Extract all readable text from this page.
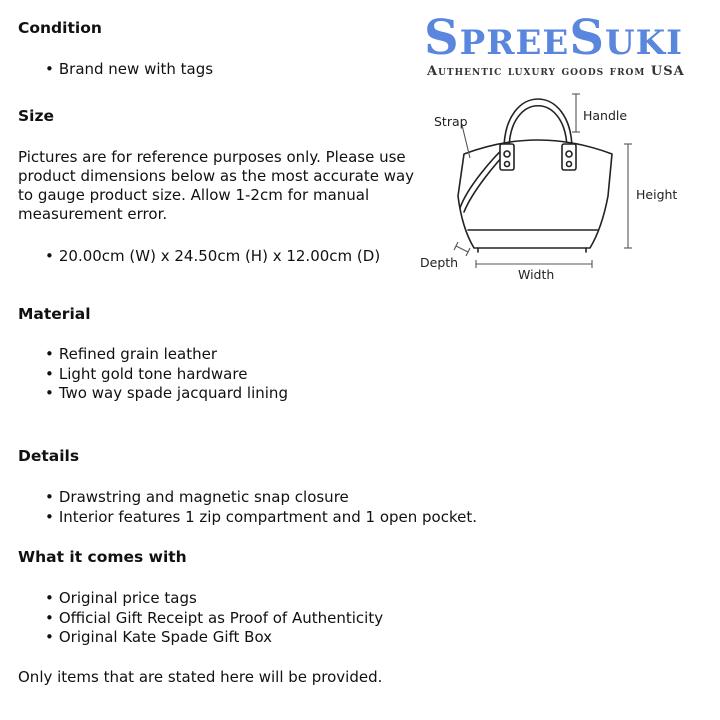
SpreeSuki
Authentic luxury goods from USA
Strap	Handle
Height
Depth
Width
Condition
• Brand new with tags
Size

Pictures are for reference purposes only. Please use product dimensions below as the most accurate way to gauge product size. Allow 1-2cm for manual measurement error.

• 20.00cm (W) x 24.50cm (H) x 12.00cm (D)
Material
• Refined grain leather
• Light gold tone hardware
• Two way spade jacquard lining
Details
• Drawstring and magnetic snap closure
• Interior features 1 zip compartment and 1 open pocket.
What it comes with
• Original price tags
• Official Gift Receipt as Proof of Authenticity
• Original Kate Spade Gift Box

Only items that are stated here will be provided.
